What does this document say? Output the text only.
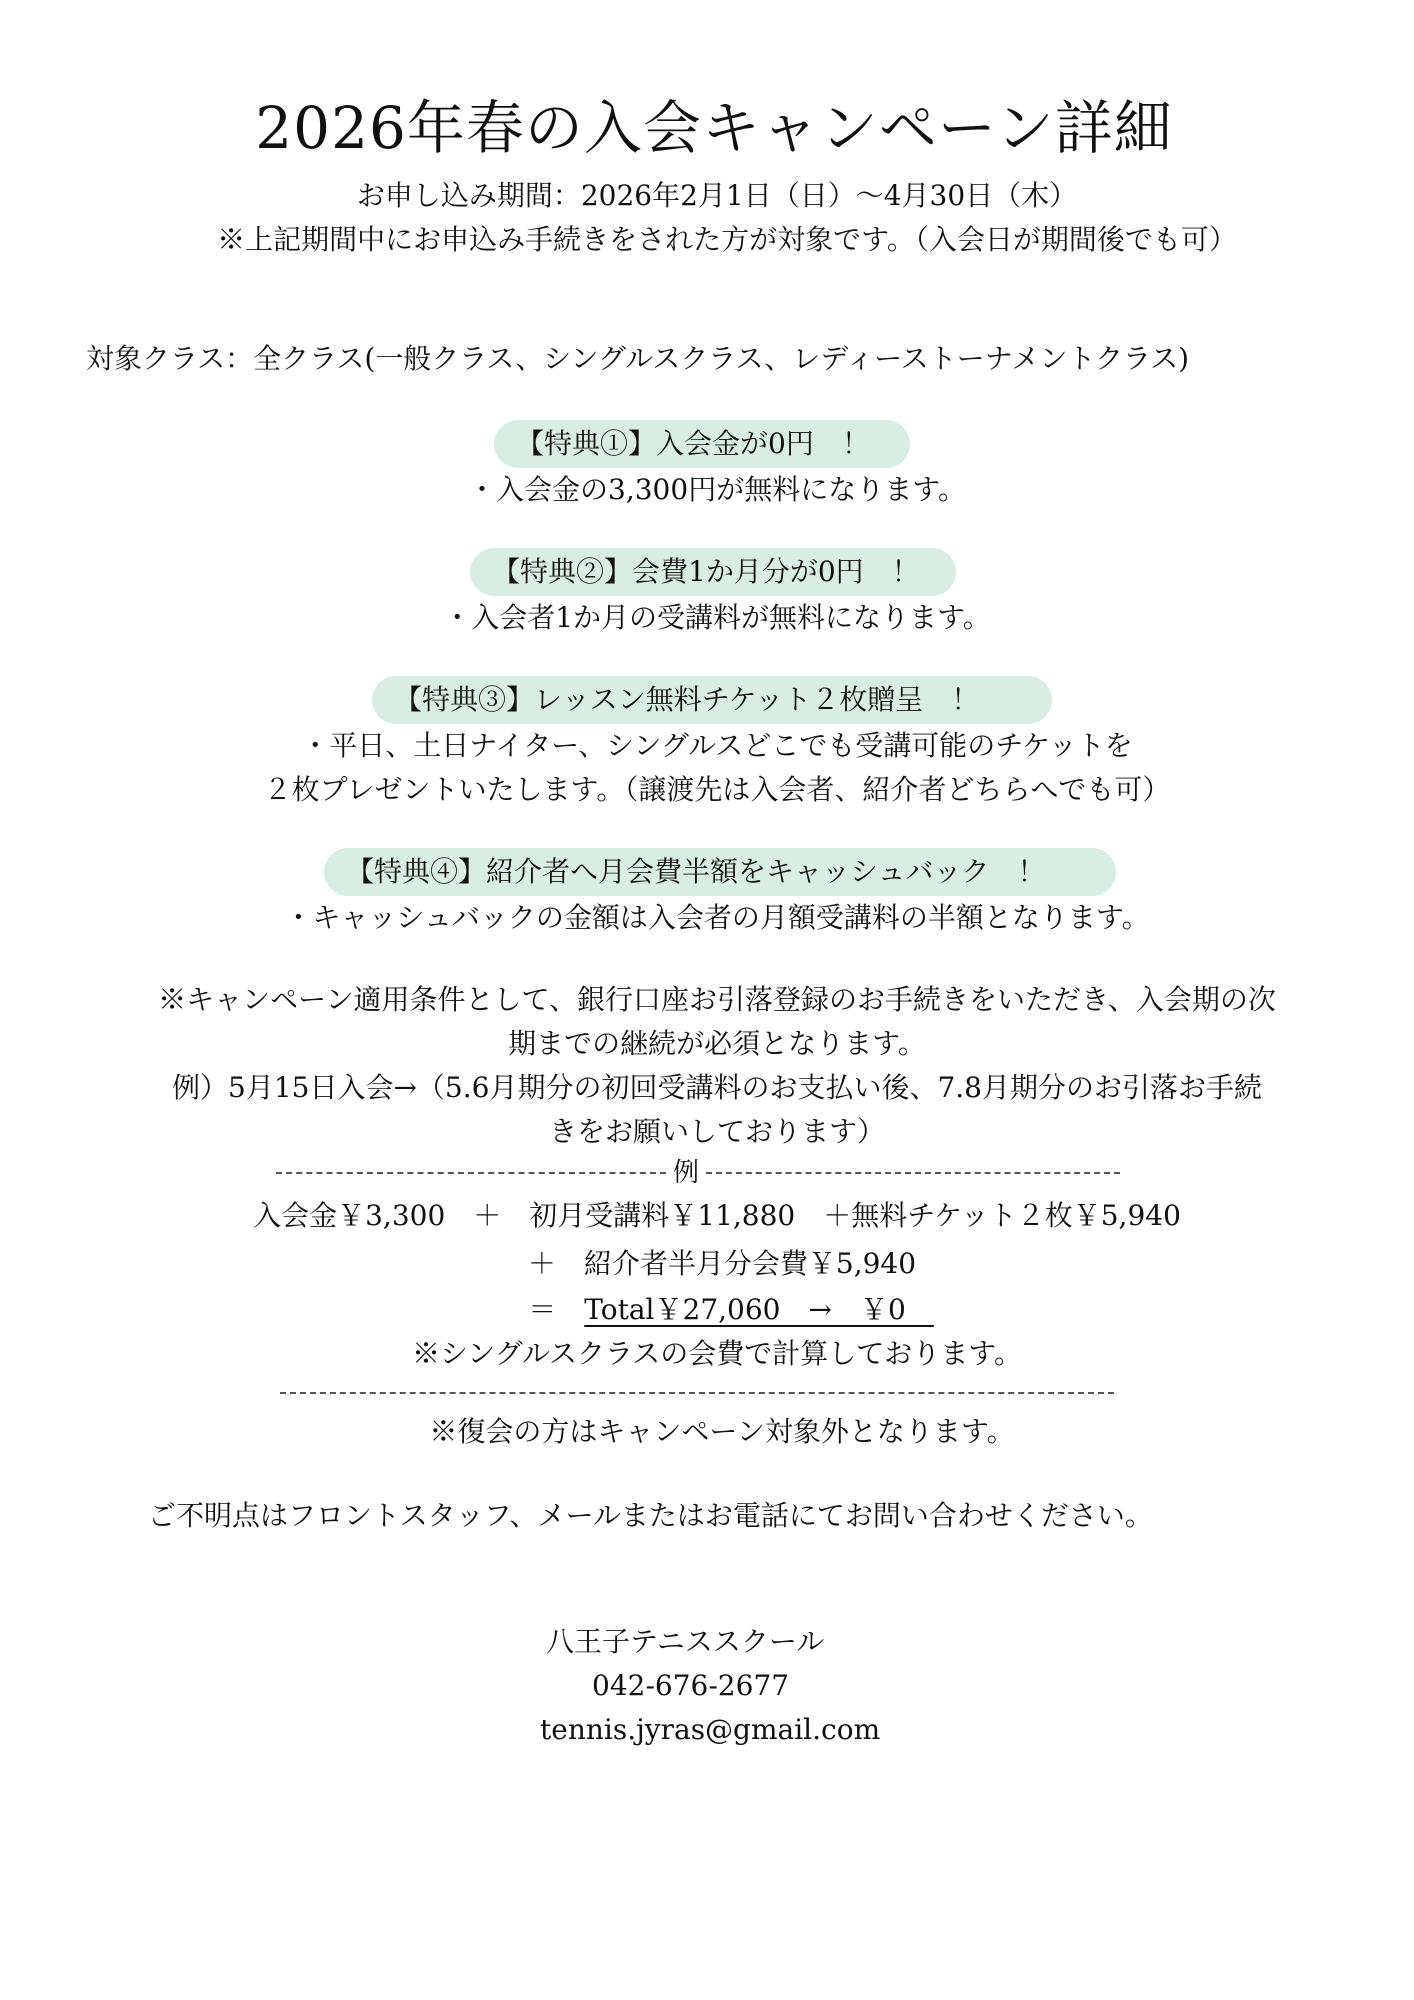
2026年春の入会キャンペーン詳細
お申し込み期間：2026年2月1日（日）～4月30日（木）
※上記期間中にお申込み手続きをされた方が対象です。（入会日が期間後でも可）
対象クラス：全クラス(一般クラス、シングルスクラス、レディーストーナメントクラス)
【特典①】入会金が0円　！
・入会金の3,300円が無料になります。
【特典②】会費1か月分が0円　！
・入会者1か月の受講料が無料になります。
【特典③】レッスン無料チケット２枚贈呈　！
・平日、土日ナイター、シングルスどこでも受講可能のチケットを
２枚プレゼントいたします。（譲渡先は入会者、紹介者どちらへでも可）
【特典④】紹介者へ月会費半額をキャッシュバック　！
・キャッシュバックの金額は入会者の月額受講料の半額となります。
※キャンペーン適用条件として、銀行口座お引落登録のお手続きをいただき、入会期の次
期までの継続が必須となります。
例）5月15日入会→（5.6月期分の初回受講料のお支払い後、7.8月期分のお引落お手続
きをお願いしております）
例
入会金￥3,300　＋　初月受講料￥11,880　＋無料チケット２枚￥5,940
＋　紹介者半月分会費￥5,940
＝　Total￥27,060　→　￥0　
※シングルスクラスの会費で計算しております。
※復会の方はキャンペーン対象外となります。
ご不明点はフロントスタッフ、メールまたはお電話にてお問い合わせください。
八王子テニススクール
042-676-2677
tennis.jyras@gmail.com
